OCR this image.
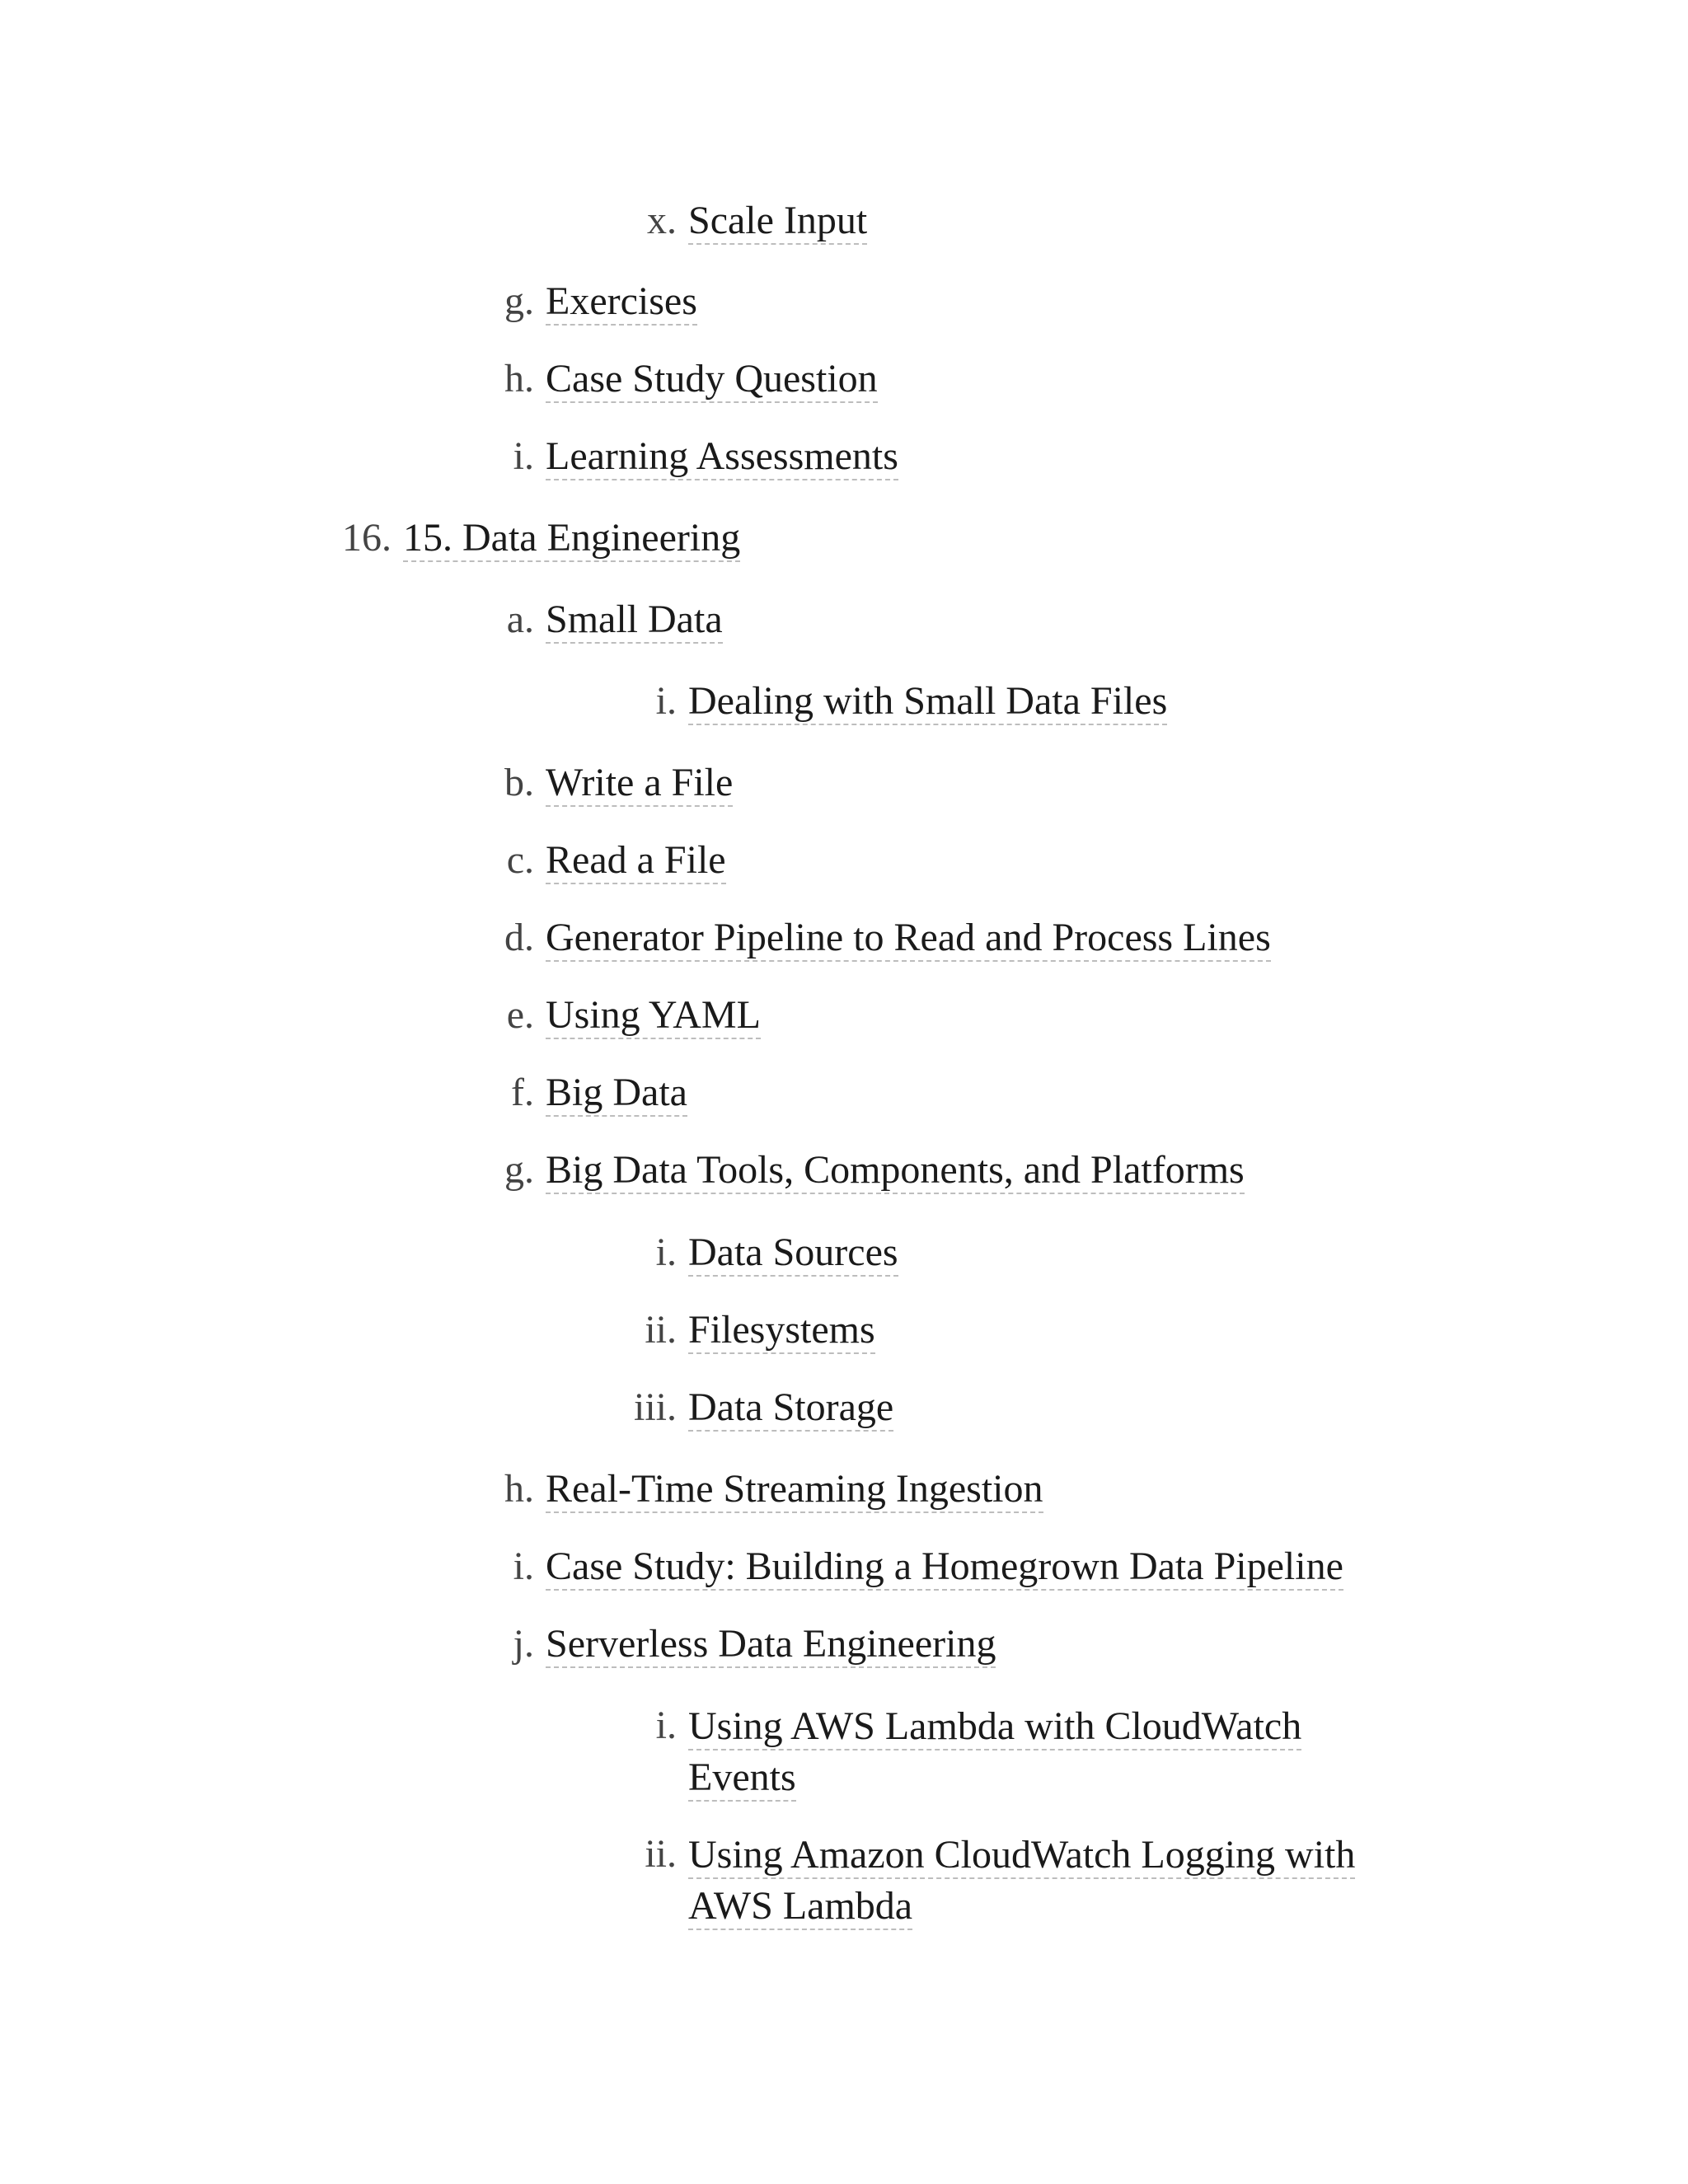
x. Scale Input
g. Exercises
h. Case Study Question
i. Learning Assessments
16. 15. Data Engineering
a. Small Data
i. Dealing with Small Data Files
b. Write a File
c. Read a File
d. Generator Pipeline to Read and Process Lines
e. Using YAML
f. Big Data
g. Big Data Tools, Components, and Platforms
i. Data Sources
ii. Filesystems
iii. Data Storage
h. Real-Time Streaming Ingestion
i. Case Study: Building a Homegrown Data Pipeline
j. Serverless Data Engineering
i. Using AWS Lambda with CloudWatch Events
ii. Using Amazon CloudWatch Logging with AWS Lambda
